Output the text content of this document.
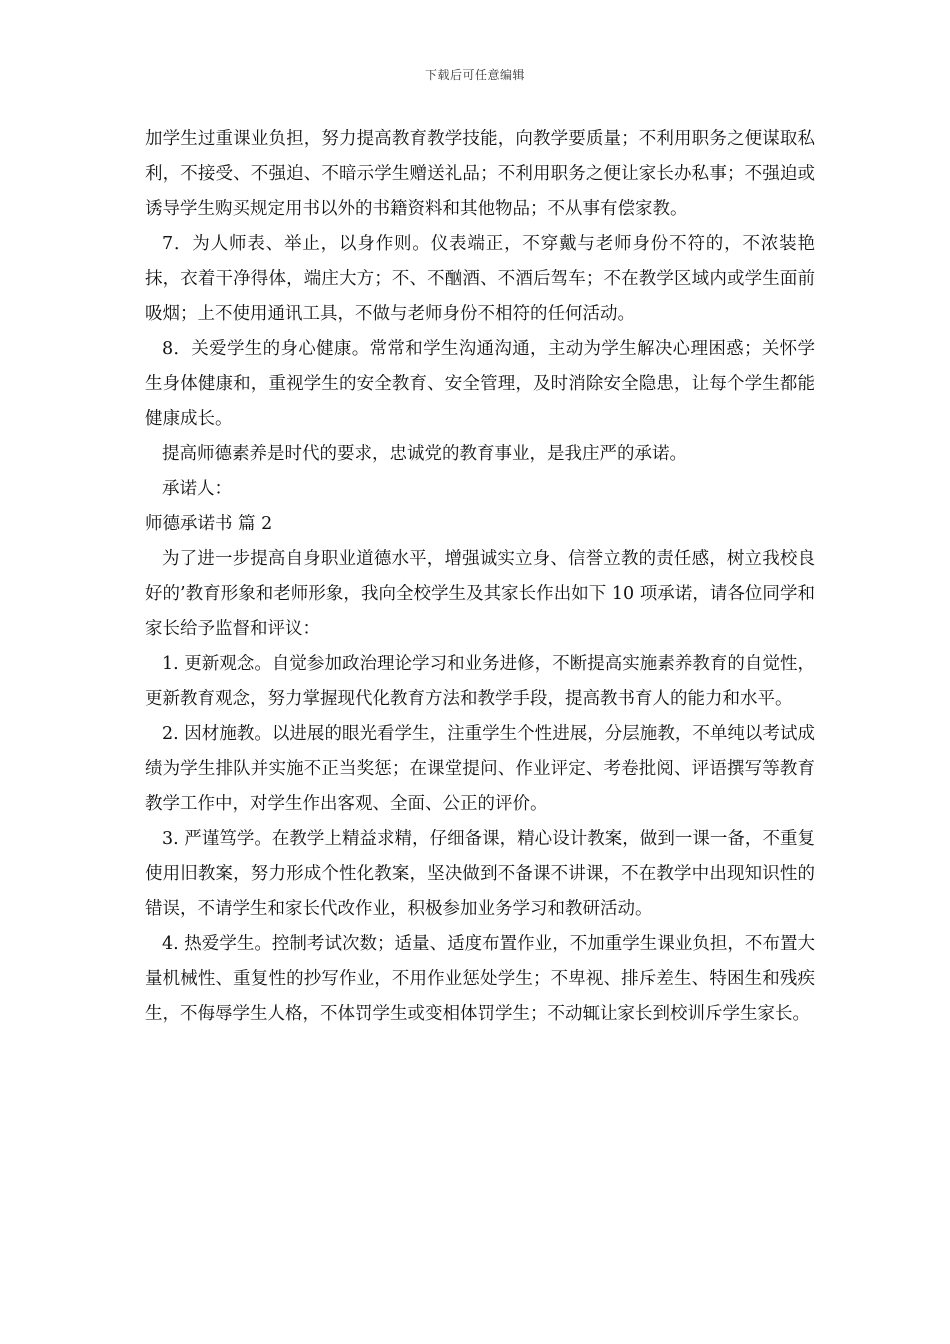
下载后可任意编辑

加学生过重课业负担，努力提高教育教学技能，向教学要质量；不利用职务之便谋取私利，不接受、不强迫、不暗示学生赠送礼品；不利用职务之便让家长办私事；不强迫或诱导学生购买规定用书以外的书籍资料和其他物品；不从事有偿家教。

7．为人师表、举止，以身作则。仪表端正，不穿戴与老师身份不符的，不浓装艳抹，衣着干净得体，端庄大方；不、不酗酒、不酒后驾车；不在教学区域内或学生面前吸烟；上不使用通讯工具，不做与老师身份不相符的任何活动。

8．关爱学生的身心健康。常常和学生沟通沟通，主动为学生解决心理困惑；关怀学生身体健康和，重视学生的安全教育、安全管理，及时消除安全隐患，让每个学生都能健康成长。

提高师德素养是时代的要求，忠诚党的教育事业，是我庄严的承诺。

承诺人：

师德承诺书 篇 2

为了进一步提高自身职业道德水平，增强诚实立身、信誉立教的责任感，树立我校良好的’教育形象和老师形象，我向全校学生及其家长作出如下 10 项承诺，请各位同学和家长给予监督和评议：

1. 更新观念。自觉参加政治理论学习和业务进修，不断提高实施素养教育的自觉性，更新教育观念，努力掌握现代化教育方法和教学手段，提高教书育人的能力和水平。

2. 因材施教。以进展的眼光看学生，注重学生个性进展，分层施教，不单纯以考试成绩为学生排队并实施不正当奖惩；在课堂提问、作业评定、考卷批阅、评语撰写等教育教学工作中，对学生作出客观、全面、公正的评价。

3. 严谨笃学。在教学上精益求精，仔细备课，精心设计教案，做到一课一备，不重复使用旧教案，努力形成个性化教案，坚决做到不备课不讲课，不在教学中出现知识性的错误，不请学生和家长代改作业，积极参加业务学习和教研活动。

4. 热爱学生。控制考试次数；适量、适度布置作业，不加重学生课业负担，不布置大量机械性、重复性的抄写作业，不用作业惩处学生；不卑视、排斥差生、特困生和残疾生，不侮辱学生人格，不体罚学生或变相体罚学生；不动辄让家长到校训斥学生家长。
